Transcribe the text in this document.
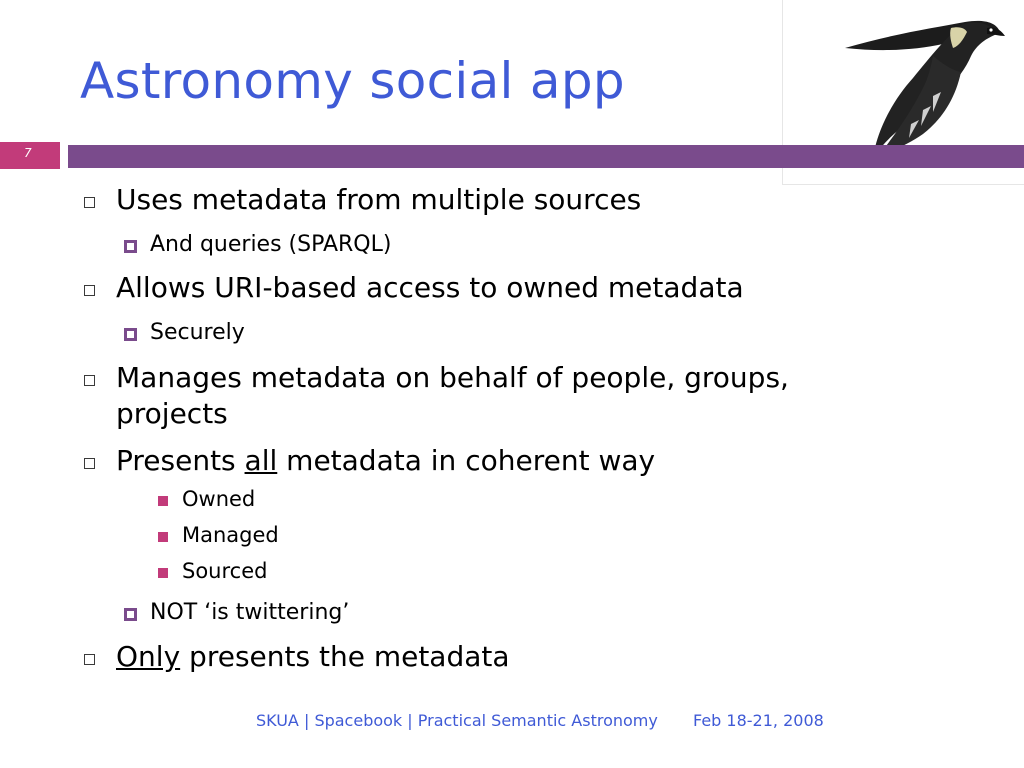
Astronomy social app
7
Uses metadata from multiple sources
And queries (SPARQL)
Allows URI-based access to owned metadata
Securely
Manages metadata on behalf of people, groups,
projects
Presents all metadata in coherent way
Owned
Managed
Sourced
NOT ‘is twittering’
Only presents the metadata
SKUA | Spacebook | Practical Semantic Astronomy Feb 18-21, 2008
